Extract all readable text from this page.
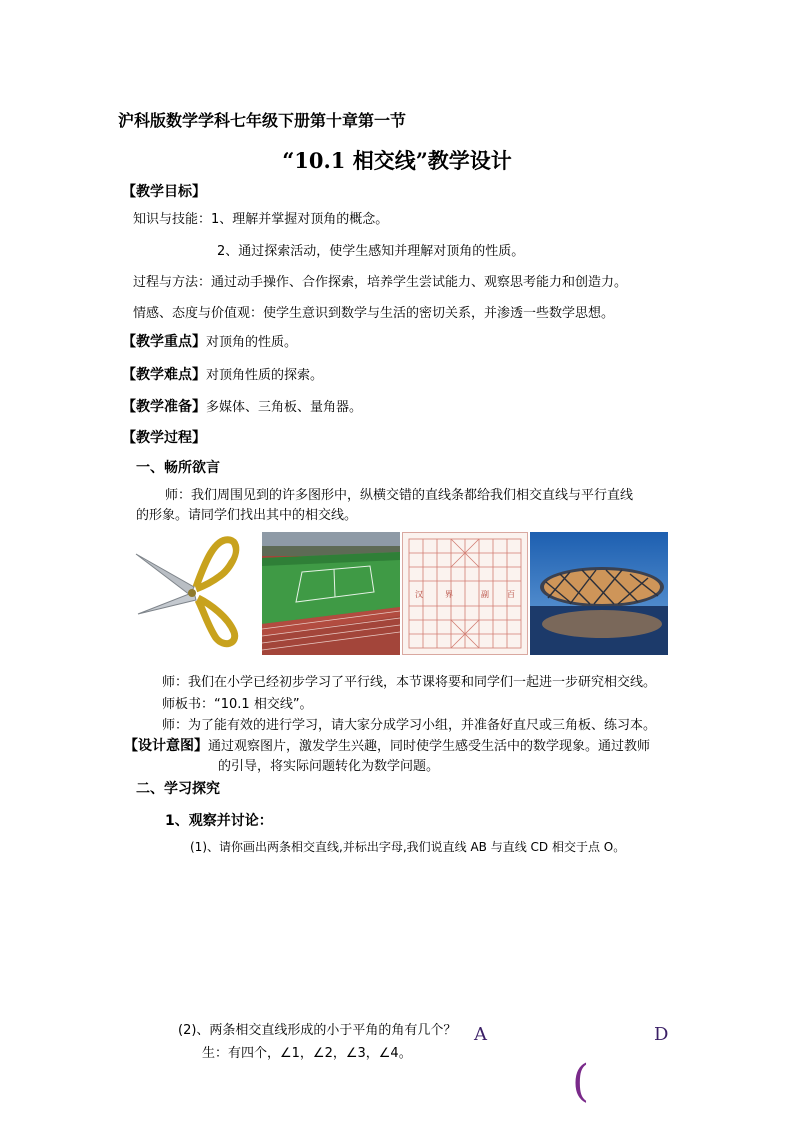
沪科版数学学科七年级下册第十章第一节
“10.1 相交线”教学设计
【教学目标】
知识与技能：1、理解并掌握对顶角的概念。
2、通过探索活动，使学生感知并理解对顶角的性质。
过程与方法：通过动手操作、合作探索，培养学生尝试能力、观察思考能力和创造力。
情感、态度与价值观：使学生意识到数学与生活的密切关系，并渗透一些数学思想。
【教学重点】对顶角的性质。
【教学难点】对顶角性质的探索。
【教学准备】多媒体、三角板、量角器。
【教学过程】
一、畅所欲言
师：我们周围见到的许多图形中，纵横交错的直线条都给我们相交直线与平行直线
的形象。请同学们找出其中的相交线。
汉	界	副 百
师：我们在小学已经初步学习了平行线，本节课将要和同学们一起进一步研究相交线。
师板书：“10.1 相交线”。
师：为了能有效的进行学习，请大家分成学习小组，并准备好直尺或三角板、练习本。
【设计意图】通过观察图片，激发学生兴趣，同时使学生感受生活中的数学现象。通过教师
的引导，将实际问题转化为数学问题。
二、学习探究
1、观察并讨论：
(1)、请你画出两条相交直线,并标出字母,我们说直线 AB 与直线 CD 相交于点 O。
(2)、两条相交直线形成的小于平角的角有几个？
生：有四个，∠1，∠2，∠3，∠4。
A	D
(
